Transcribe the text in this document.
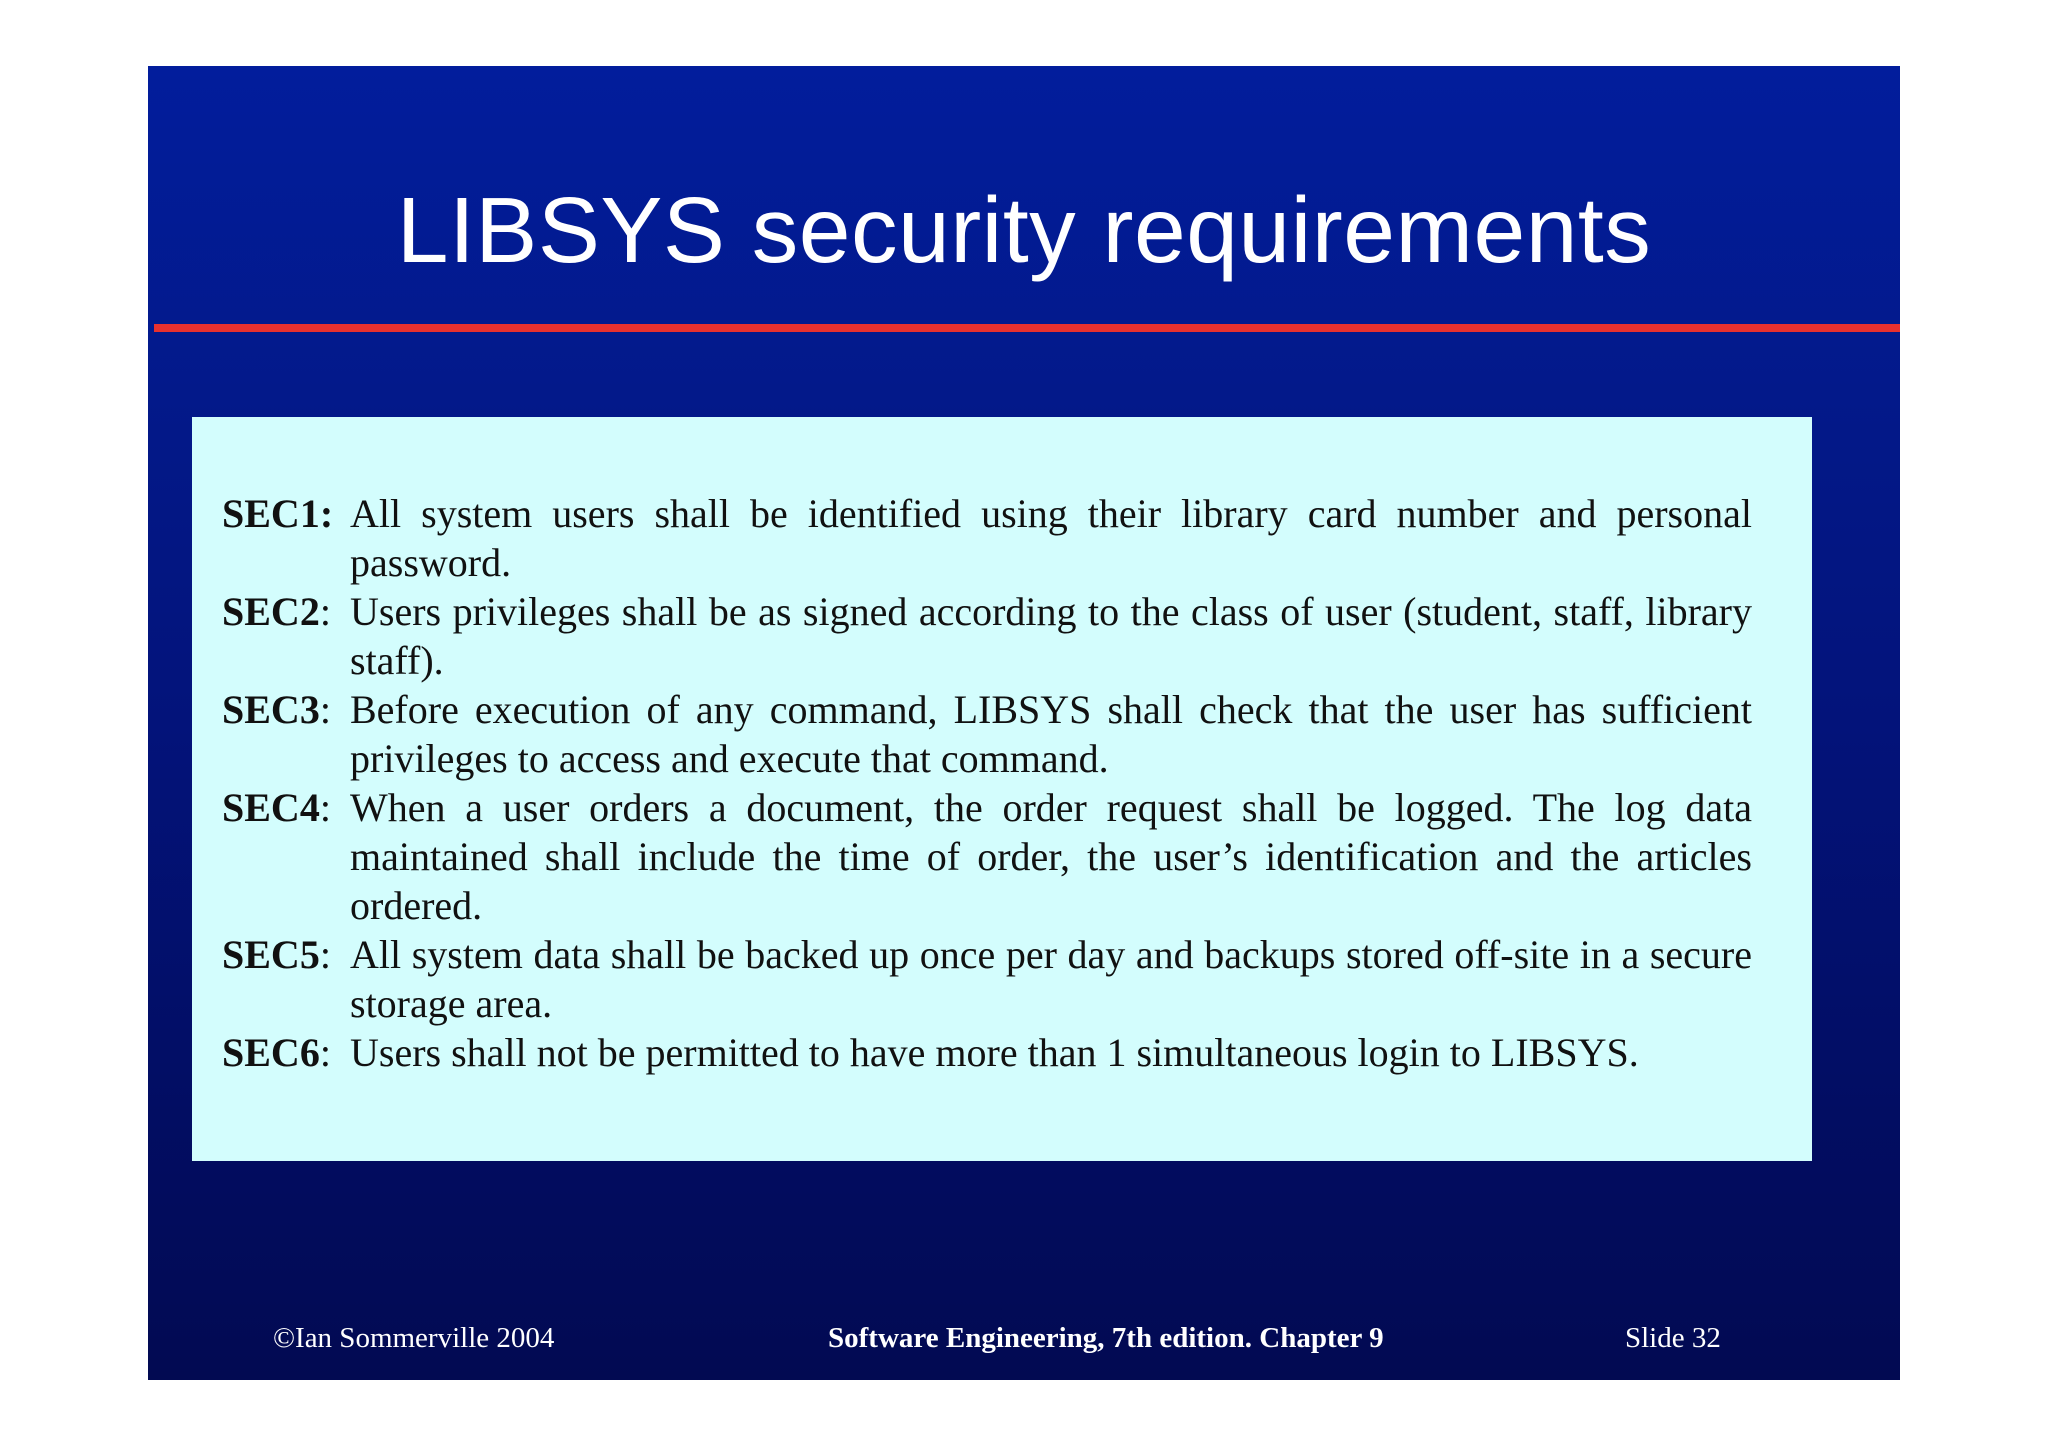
LIBSYS security requirements
SEC1: All system users shall be identified using their library card number and personal password.
SEC2: Users privileges shall be as signed according to the class of user (student, staff, library staff).
SEC3: Before execution of any command, LIBSYS shall check that the user has sufficient privileges to access and execute that command.
SEC4: When a user orders a document, the order request shall be logged. The log data maintained shall include the time of order, the user’s identification and the articles ordered.
SEC5: All system data shall be backed up once per day and backups stored off-site in a secure storage area.
SEC6: Users shall not be permitted to have more than 1 simultaneous login to LIBSYS.
©Ian Sommerville 2004	Software Engineering, 7th edition. Chapter 9	Slide 32
